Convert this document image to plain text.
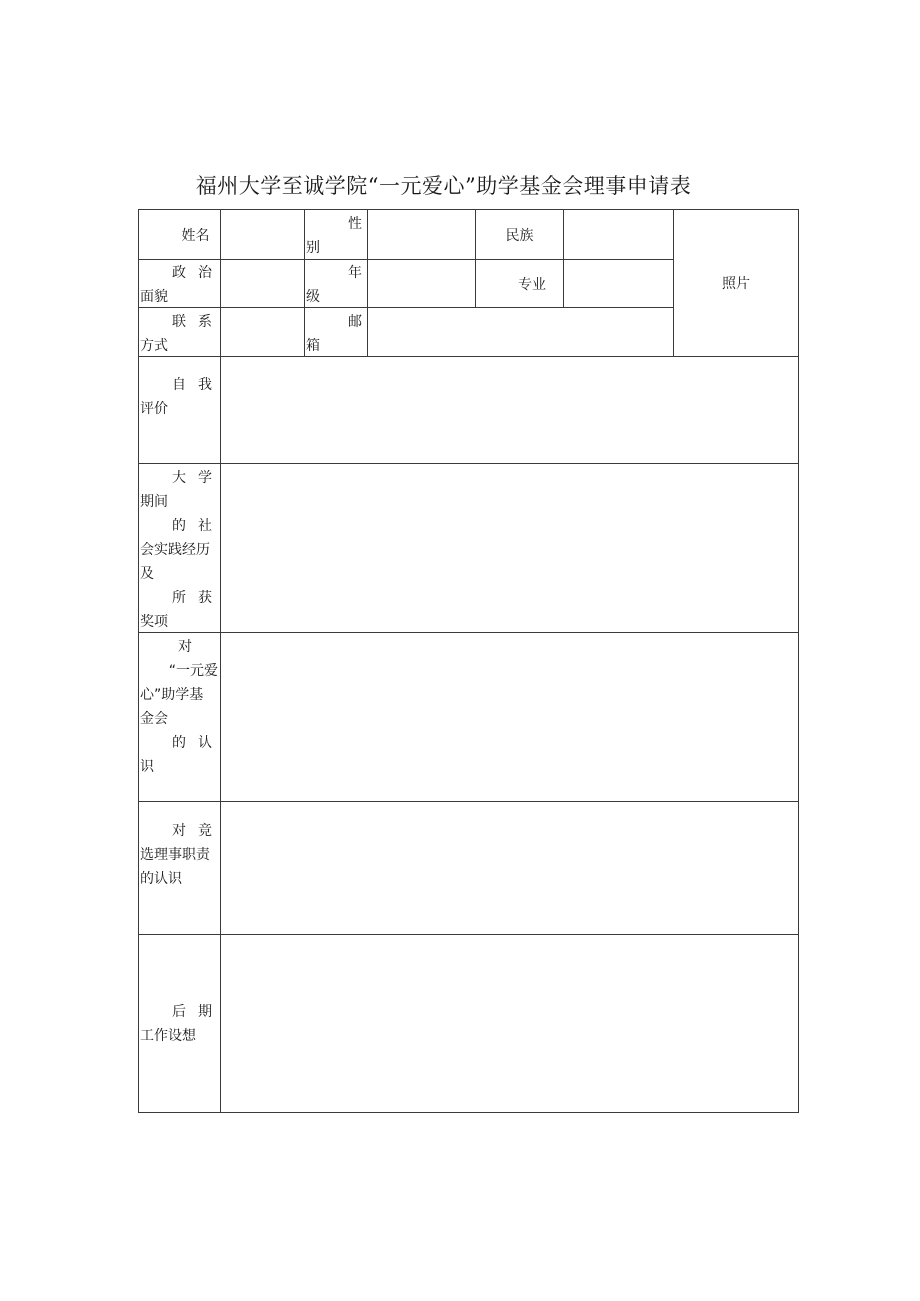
福州大学至诚学院“一元爱心”助学基金会理事申请表
姓名
性
别
民族
照片
政 治
面貌
年
级
专业
联 系
方式
邮
箱
自 我
评价
大 学
期间
的 社
会实践经历
及
所 获
奖项
对
“一元爱
心”助学基
金会
的 认
识
对 竞
选理事职责
的认识
后 期
工作设想
